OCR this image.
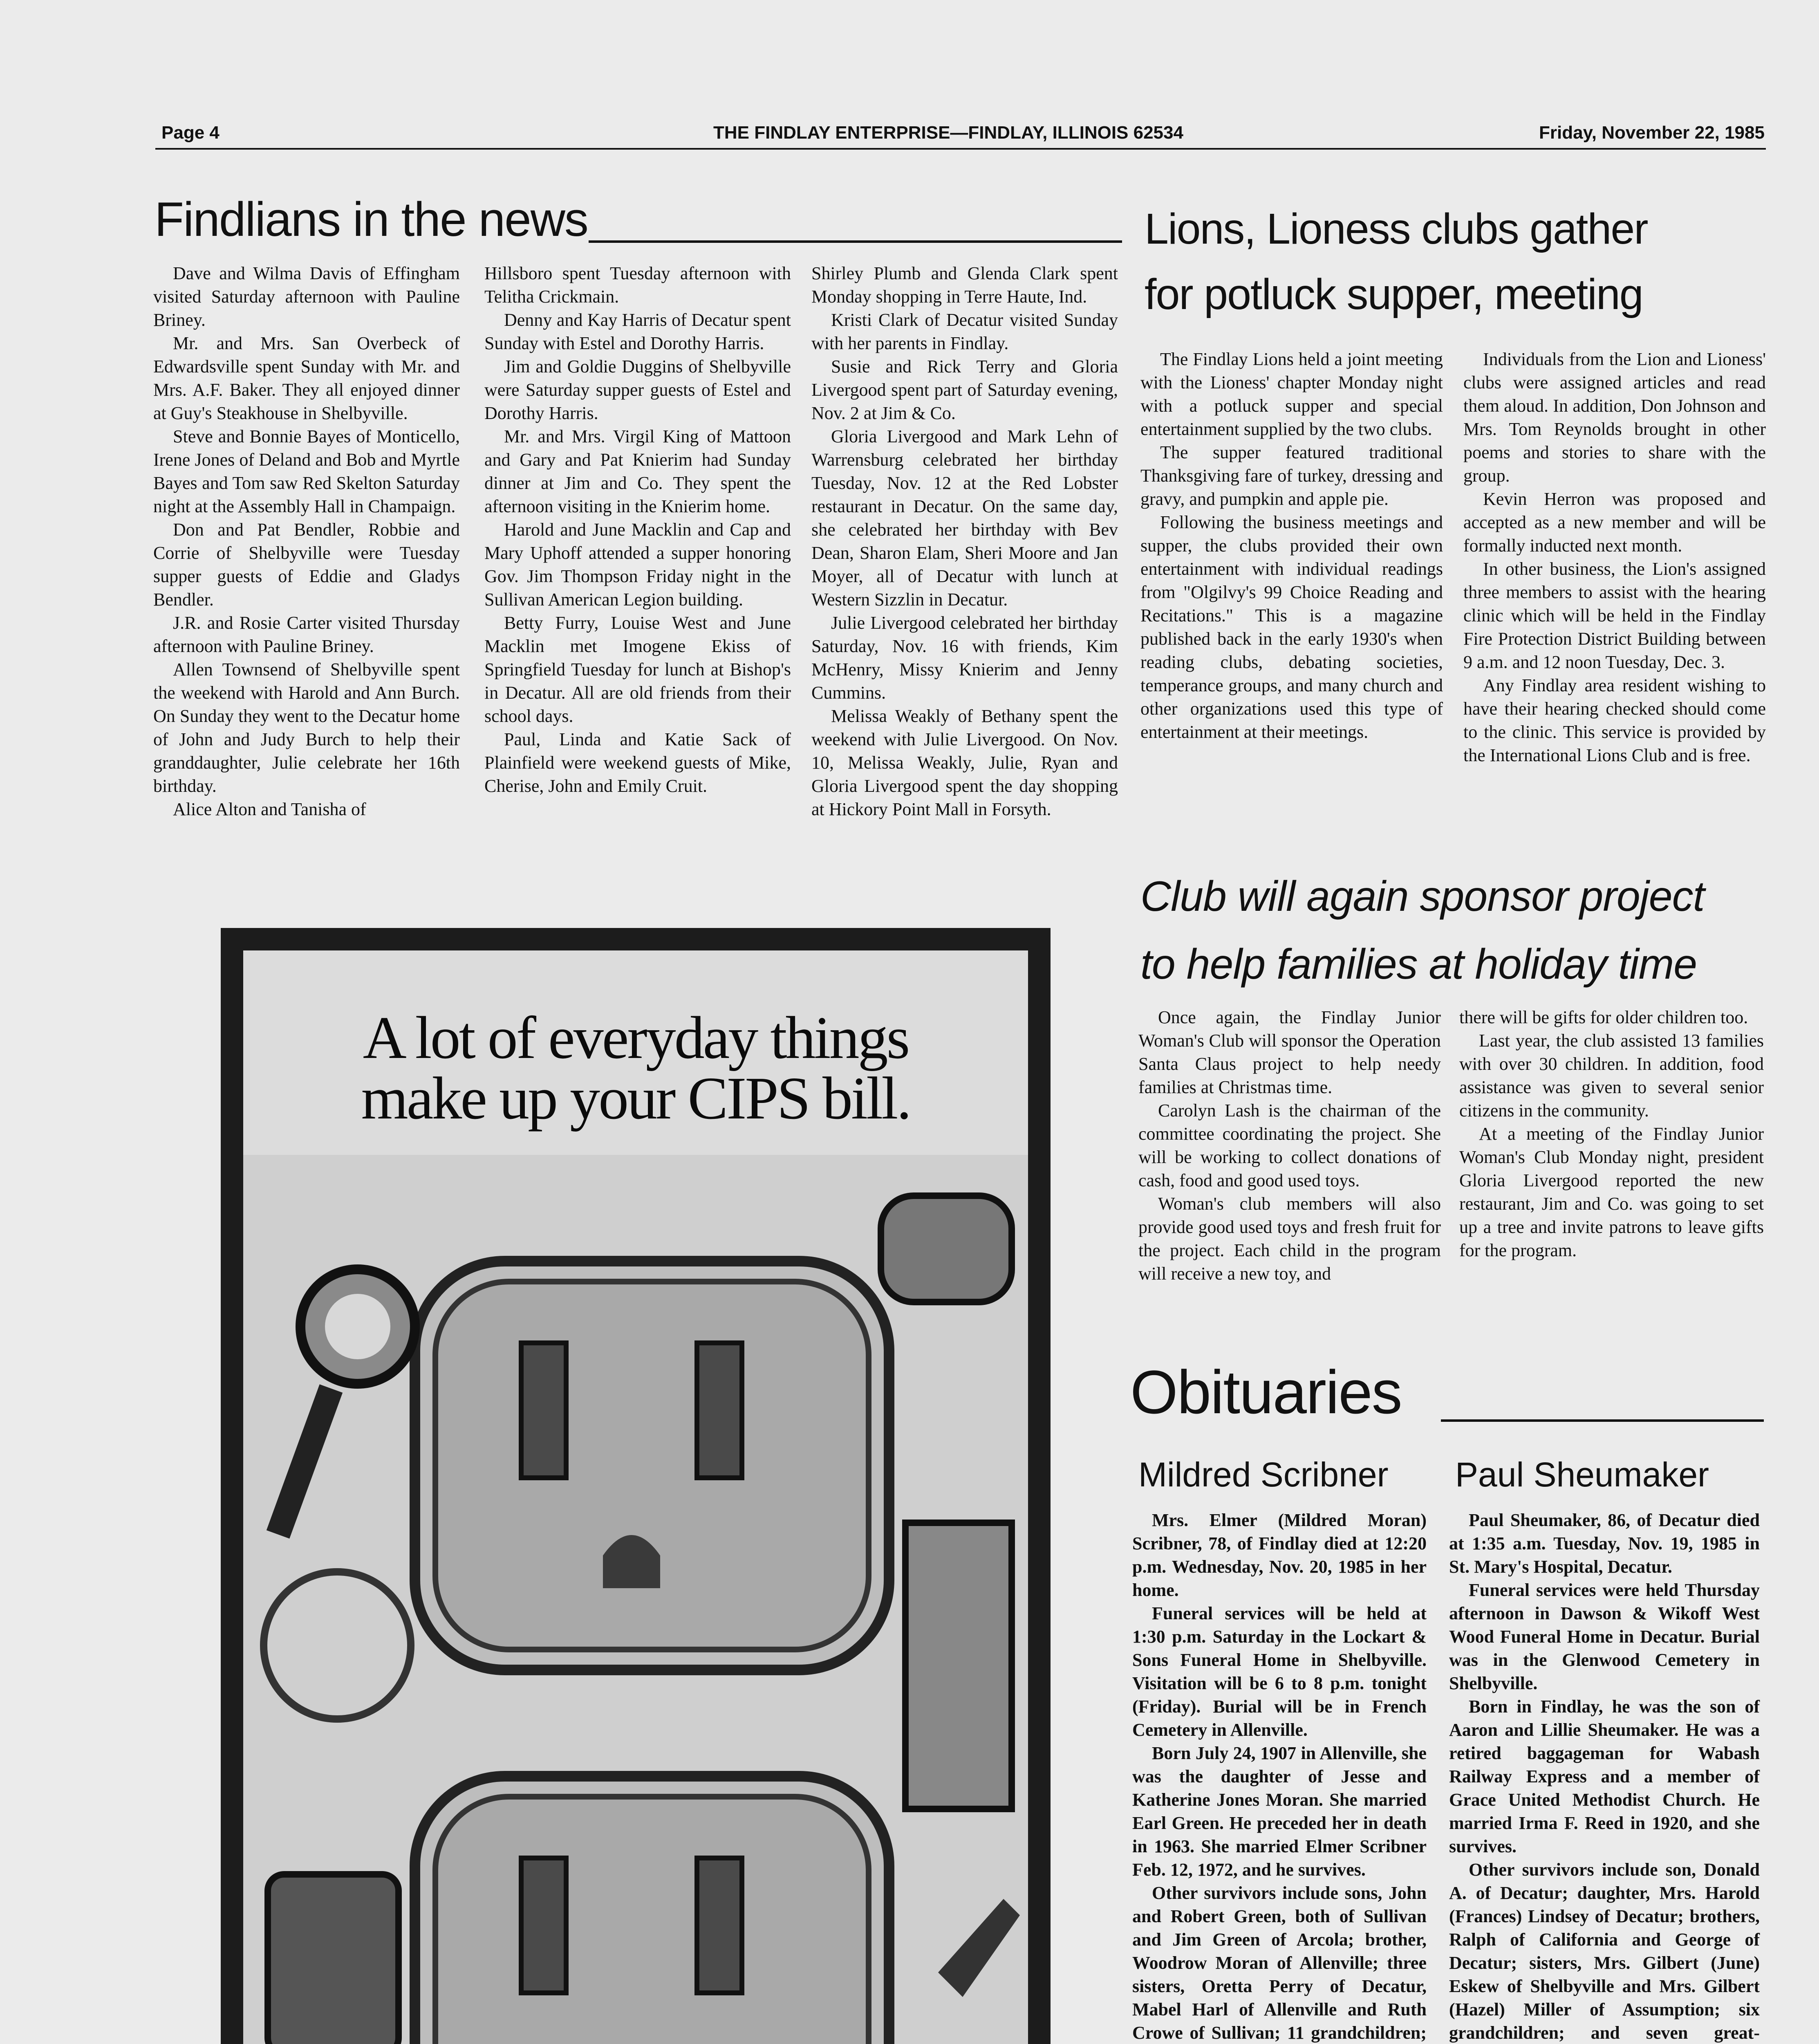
Page 4	THE FINDLAY ENTERPRISE—FINDLAY, ILLINOIS 62534	Friday, November 22, 1985
Findlians in the news

Dave and Wilma Davis of Effingham visited Saturday afternoon with Pauline Briney.

Mr. and Mrs. San Overbeck of Edwardsville spent Sunday with Mr. and Mrs. A.F. Baker. They all enjoyed dinner at Guy's Steakhouse in Shelbyville.

Steve and Bonnie Bayes of Monticello, Irene Jones of Deland and Bob and Myrtle Bayes and Tom saw Red Skelton Saturday night at the Assembly Hall in Champaign.

Don and Pat Bendler, Robbie and Corrie of Shelbyville were Tuesday supper guests of Eddie and Gladys Bendler.

J.R. and Rosie Carter visited Thursday afternoon with Pauline Briney.

Allen Townsend of Shelbyville spent the weekend with Harold and Ann Burch. On Sunday they went to the Decatur home of John and Judy Burch to help their granddaughter, Julie celebrate her 16th birthday.

Alice Alton and Tanisha of

Hillsboro spent Tuesday afternoon with Telitha Crickmain.

Denny and Kay Harris of Decatur spent Sunday with Estel and Dorothy Harris.

Jim and Goldie Duggins of Shelbyville were Saturday supper guests of Estel and Dorothy Harris.

Mr. and Mrs. Virgil King of Mattoon and Gary and Pat Knierim had Sunday dinner at Jim and Co. They spent the afternoon visiting in the Knierim home.

Harold and June Macklin and Cap and Mary Uphoff attended a supper honoring Gov. Jim Thompson Friday night in the Sullivan American Legion building.

Betty Furry, Louise West and June Macklin met Imogene Ekiss of Springfield Tuesday for lunch at Bishop's in Decatur. All are old friends from their school days.

Paul, Linda and Katie Sack of Plainfield were weekend guests of Mike, Cherise, John and Emily Cruit.

Shirley Plumb and Glenda Clark spent Monday shopping in Terre Haute, Ind.

Kristi Clark of Decatur visited Sunday with her parents in Findlay.

Susie and Rick Terry and Gloria Livergood spent part of Saturday evening, Nov. 2 at Jim & Co.

Gloria Livergood and Mark Lehn of Warrensburg celebrated her birthday Tuesday, Nov. 12 at the Red Lobster restaurant in Decatur. On the same day, she celebrated her birthday with Bev Dean, Sharon Elam, Sheri Moore and Jan Moyer, all of Decatur with lunch at Western Sizzlin in Decatur.

Julie Livergood celebrated her birthday Saturday, Nov. 16 with friends, Kim McHenry, Missy Knierim and Jenny Cummins.

Melissa Weakly of Bethany spent the weekend with Julie Livergood. On Nov. 10, Melissa Weakly, Julie, Ryan and Gloria Livergood spent the day shopping at Hickory Point Mall in Forsyth.

Lions, Lioness clubs gather
for potluck supper, meeting

The Findlay Lions held a joint meeting with the Lioness' chapter Monday night with a potluck supper and special entertainment supplied by the two clubs.

The supper featured traditional Thanksgiving fare of turkey, dressing and gravy, and pumpkin and apple pie.

Following the business meetings and supper, the clubs provided their own entertainment with individual readings from "Olgilvy's 99 Choice Reading and Recitations." This is a magazine published back in the early 1930's when reading clubs, debating societies, temperance groups, and many church and other organizations used this type of entertainment at their meetings.

Individuals from the Lion and Lioness' clubs were assigned articles and read them aloud. In addition, Don Johnson and Mrs. Tom Reynolds brought in other poems and stories to share with the group.

Kevin Herron was proposed and accepted as a new member and will be formally inducted next month.

In other business, the Lion's assigned three members to assist with the hearing clinic which will be held in the Findlay Fire Protection District Building between 9 a.m. and 12 noon Tuesday, Dec. 3.

Any Findlay area resident wishing to have their hearing checked should come to the clinic. This service is provided by the International Lions Club and is free.

Club will again sponsor project
to help families at holiday time

Once again, the Findlay Junior Woman's Club will sponsor the Operation Santa Claus project to help needy families at Christmas time.

Carolyn Lash is the chairman of the committee coordinating the project. She will be working to collect donations of cash, food and good used toys.

Woman's club members will also provide good used toys and fresh fruit for the project. Each child in the program will receive a new toy, and

there will be gifts for older children too.

Last year, the club assisted 13 families with over 30 children. In addition, food assistance was given to several senior citizens in the community.

At a meeting of the Findlay Junior Woman's Club Monday night, president Gloria Livergood reported the new restaurant, Jim and Co. was going to set up a tree and invite patrons to leave gifts for the program.

Obituaries
Mildred Scribner

Mrs. Elmer (Mildred Moran) Scribner, 78, of Findlay died at 12:20 p.m. Wednesday, Nov. 20, 1985 in her home.

Funeral services will be held at 1:30 p.m. Saturday in the Lockart & Sons Funeral Home in Shelbyville. Visitation will be 6 to 8 p.m. tonight (Friday). Burial will be in French Cemetery in Allenville.

Born July 24, 1907 in Allenville, she was the daughter of Jesse and Katherine Jones Moran. She married Earl Green. He preceded her in death in 1963. She married Elmer Scribner Feb. 12, 1972, and he survives.

Other survivors include sons, John and Robert Green, both of Sullivan and Jim Green of Arcola; brother, Woodrow Moran of Allenville; three sisters, Oretta Perry of Decatur, Mabel Harl of Allenville and Ruth Crowe of Sullivan; 11 grandchildren;

Paul Sheumaker

Paul Sheumaker, 86, of Decatur died at 1:35 a.m. Tuesday, Nov. 19, 1985 in St. Mary's Hospital, Decatur.

Funeral services were held Thursday afternoon in Dawson & Wikoff West Wood Funeral Home in Decatur. Burial was in the Glenwood Cemetery in Shelbyville.

Born in Findlay, he was the son of Aaron and Lillie Sheumaker. He was a retired baggageman for Wabash Railway Express and a member of Grace United Methodist Church. He married Irma F. Reed in 1920, and she survives.

Other survivors include son, Donald A. of Decatur; daughter, Mrs. Harold (Frances) Lindsey of Decatur; brothers, Ralph of California and George of Decatur; sisters, Mrs. Gilbert (June) Eskew of Shelbyville and Mrs. Gilbert (Hazel) Miller of Assumption; six grandchildren; and seven great-

A lot of everyday things
make up your CIPS bill.
